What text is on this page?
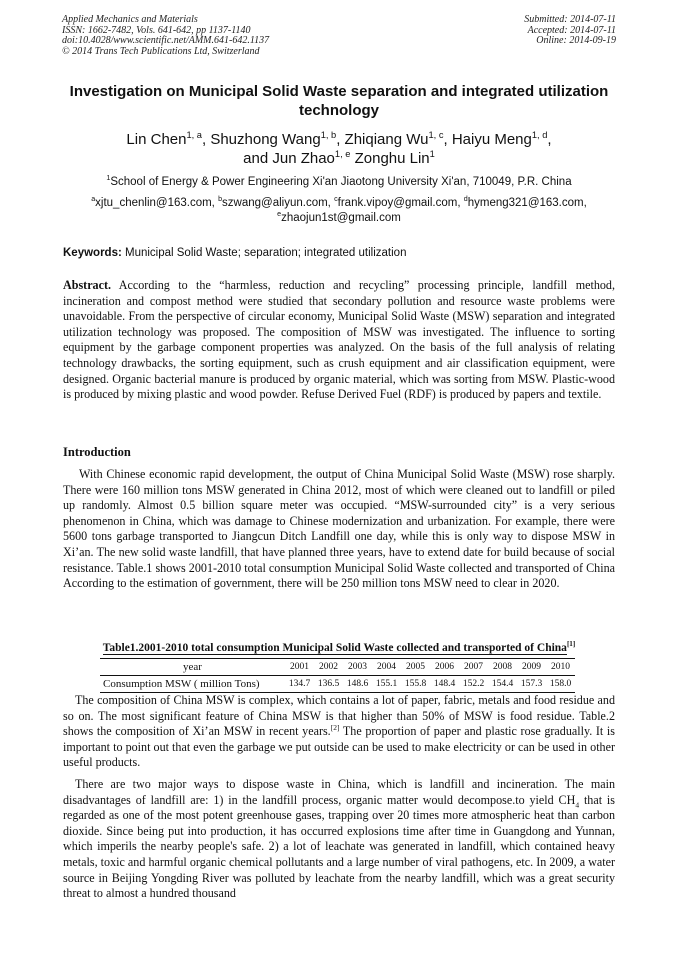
Applied Mechanics and Materials
ISSN: 1662-7482, Vols. 641-642, pp 1137-1140
doi:10.4028/www.scientific.net/AMM.641-642.1137
© 2014 Trans Tech Publications Ltd, Switzerland
Submitted: 2014-07-11
Accepted: 2014-07-11
Online: 2014-09-19
Investigation on Municipal Solid Waste separation and integrated utilization technology
Lin Chen$^{1, a}$, Shuzhong Wang$^{1, b}$, Zhiqiang Wu$^{1, c}$, Haiyu Meng$^{1, d}$,
and Jun Zhao$^{1, e}$ Zonghu Lin$^1$
$^1$School of Energy & Power Engineering Xi'an Jiaotong University Xi'an, 710049, P.R. China
$^a$xjtu_chenlin@163.com, $^b$szwang@aliyun.com, $^c$frank.vipoy@gmail.com, $^d$hymeng321@163.com,
$^e$zhaojun1st@gmail.com
Keywords: Municipal Solid Waste; separation; integrated utilization
Abstract. According to the “harmless, reduction and recycling” processing principle, landfill method, incineration and compost method were studied that secondary pollution and resource waste problems were unavoidable. From the perspective of circular economy, Municipal Solid Waste (MSW) separation and integrated utilization technology was proposed. The composition of MSW was investigated. The influence to sorting equipment by the garbage component properties was analyzed. On the basis of the full analysis of relating technology drawbacks, the sorting equipment, such as crush equipment and air classification equipment, were designed. Organic bacterial manure is produced by organic material, which was sorting from MSW. Plastic-wood is produced by mixing plastic and wood powder. Refuse Derived Fuel (RDF) is produced by papers and textile.
Introduction
With Chinese economic rapid development, the output of China Municipal Solid Waste (MSW) rose sharply. There were 160 million tons MSW generated in China 2012, most of which were cleaned out to landfill or piled up randomly. Almost 0.5 billion square meter was occupied. “MSW-surrounded city” is a very serious phenomenon in China, which was damage to Chinese modernization and urbanization. For example, there were 5600 tons garbage transported to Jiangcun Ditch Landfill one day, while this is only way to dispose MSW in Xi’an. The new solid waste landfill, that have planned three years, have to extend date for build because of social resistance. Table.1 shows 2001-2010 total consumption Municipal Solid Waste collected and transported of China According to the estimation of government, there will be 250 million tons MSW need to clear in 2020.
Table1.2001-2010 total consumption Municipal Solid Waste collected and transported of China[1]
year	2001	2002	2003	2004	2005	2006	2007	2008	2009	2010
Consumption MSW ( million Tons)	134.7	136.5	148.6	155.1	155.8	148.4	152.2	154.4	157.3	158.0
The composition of China MSW is complex, which contains a lot of paper, fabric, metals and food residue and so on. The most significant feature of China MSW is that higher than 50% of MSW is food residue. Table.2 shows the composition of Xi’an MSW in recent years.[2] The proportion of paper and plastic rose gradually. It is important to point out that even the garbage we put outside can be used to make electricity or can be used in other useful products.
There are two major ways to dispose waste in China, which is landfill and incineration. The main disadvantages of landfill are: 1) in the landfill process, organic matter would decompose.to yield $CH_4$ that is regarded as one of the most potent greenhouse gases, trapping over 20 times more atmospheric heat than carbon dioxide. Since being put into production, it has occurred explosions time after time in Guangdong and Yunnan, which imperils the nearby people's safe. 2) a lot of leachate was generated in landfill, which contained heavy metals, toxic and harmful organic chemical pollutants and a large number of viral pathogens, etc. In 2009, a water source in Beijing Yongding River was polluted by leachate from the nearby landfill, which was a great security threat to almost a hundred thousand
